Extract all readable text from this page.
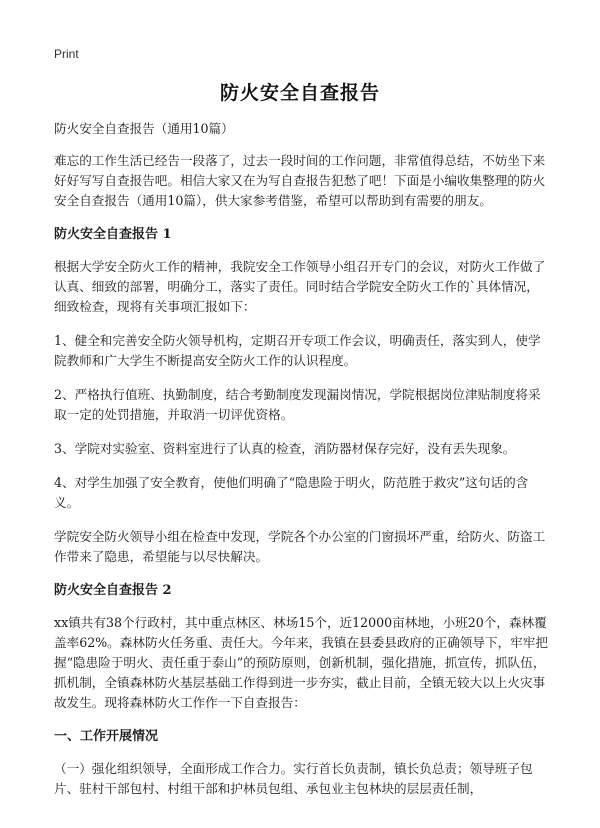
Print
防火安全自查报告

防火安全自查报告（通用10篇）

难忘的工作生活已经告一段落了，过去一段时间的工作问题，非常值得总结，不妨坐下来好好写写自查报告吧。相信大家又在为写自查报告犯愁了吧！下面是小编收集整理的防火安全自查报告（通用10篇），供大家参考借鉴，希望可以帮助到有需要的朋友。

防火安全自查报告 1

根据大学安全防火工作的精神，我院安全工作领导小组召开专门的会议，对防火工作做了认真、细致的部署，明确分工，落实了责任。同时结合学院安全防火工作的`具体情况，细致检查，现将有关事项汇报如下：

1、健全和完善安全防火领导机构，定期召开专项工作会议，明确责任，落实到人，使学院教师和广大学生不断提高安全防火工作的认识程度。

2、严格执行值班、执勤制度，结合考勤制度发现漏岗情况，学院根据岗位津贴制度将采取一定的处罚措施，并取消一切评优资格。

3、学院对实验室、资料室进行了认真的检查，消防器材保存完好，没有丢失现象。

4、对学生加强了安全教育，使他们明确了“隐患险于明火，防范胜于救灾”这句话的含义。

学院安全防火领导小组在检查中发现，学院各个办公室的门窗损坏严重，给防火、防盗工作带来了隐患，希望能与以尽快解决。

防火安全自查报告 2

xx镇共有38个行政村，其中重点林区、林场15个，近12000亩林地，小班20个，森林覆盖率62%。森林防火任务重、责任大。今年来，我镇在县委县政府的正确领导下，牢牢把握“隐患险于明火、责任重于泰山”的预防原则，创新机制，强化措施，抓宣传，抓队伍，抓机制，全镇森林防火基层基础工作得到进一步夯实，截止目前，全镇无较大以上火灾事故发生。现将森林防火工作作一下自查报告：

一、工作开展情况

（一）强化组织领导，全面形成工作合力。实行首长负责制，镇长负总责；领导班子包片、驻村干部包村、村组干部和护林员包组、承包业主包林块的层层责任制，
